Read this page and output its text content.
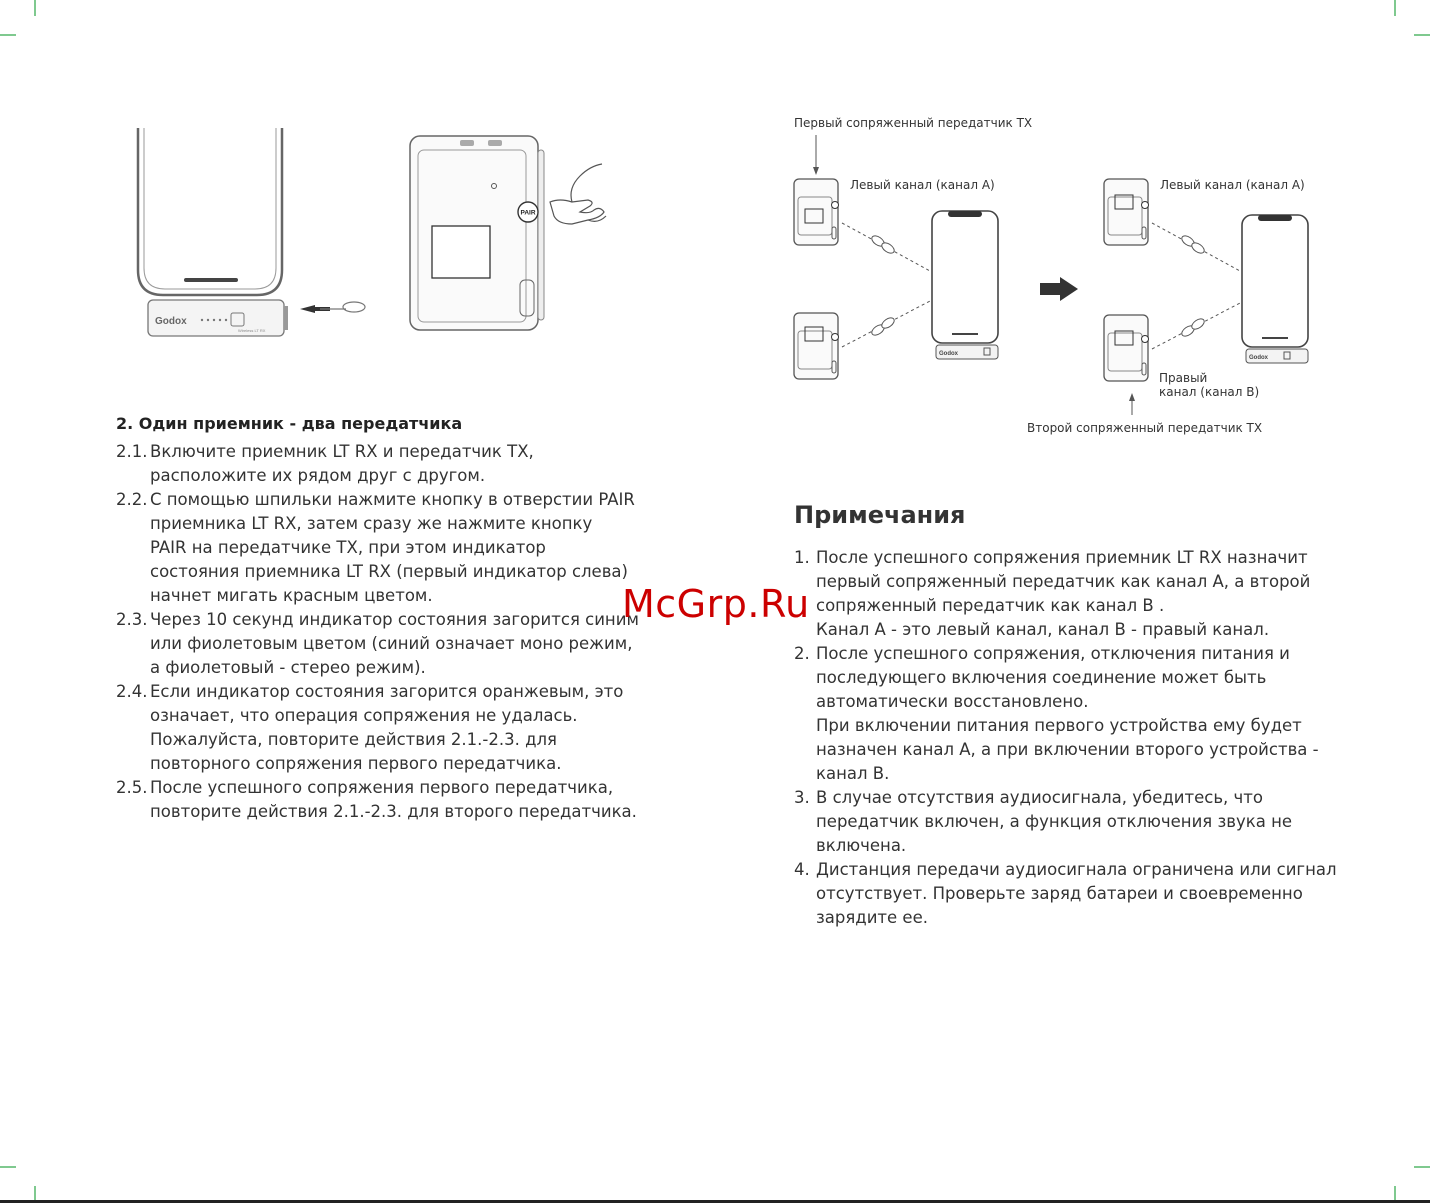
Godox
Wireless LT RX
PAIR
Godox
Godox
Первый сопряженный передатчик TX
Левый канал (канал A)	Левый канал (канал A)
Правый
канал (канал B)
Второй сопряженный передатчик TX
2. Один приемник - два передатчика
2.1. Включите приемник LT RX и передатчик TX,
расположите их рядом друг с другом.
2.2. С помощью шпильки нажмите кнопку в отверстии PAIR
приемника LT RX, затем сразу же нажмите кнопку
PAIR на передатчике TX, при этом индикатор
состояния приемника LT RX (первый индикатор слева)
начнет мигать красным цветом.
2.3. Через 10 секунд индикатор состояния загорится синим
или фиолетовым цветом (синий означает моно режим,
а фиолетовый - стерео режим).
2.4. Если индикатор состояния загорится оранжевым, это
означает, что операция сопряжения не удалась.
Пожалуйста, повторите действия 2.1.-2.3. для
повторного сопряжения первого передатчика.
2.5. После успешного сопряжения первого передатчика,
повторите действия 2.1.-2.3. для второго передатчика.
Примечания
1. После успешного сопряжения приемник LT RX назначит
первый сопряженный передатчик как канал A, а второй
сопряженный передатчик как канал B .
Канал A - это левый канал, канал B - правый канал.
2. После успешного сопряжения, отключения питания и
последующего включения соединение может быть
автоматически восстановлено.
При включении питания первого устройства ему будет
назначен канал A, а при включении второго устройства -
канал B.
3. В случае отсутствия аудиосигнала, убедитесь, что
передатчик включен, а функция отключения звука не
включена.
4. Дистанция передачи аудиосигнала ограничена или сигнал
отсутствует. Проверьте заряд батареи и своевременно
зарядите ее.
McGrp.Ru
